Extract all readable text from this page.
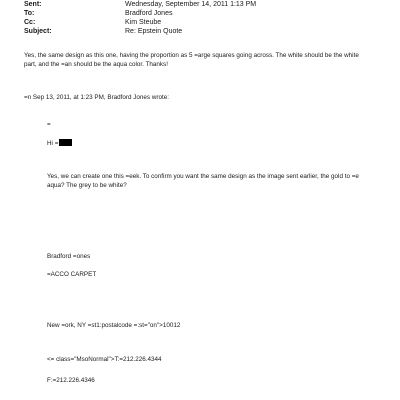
Sent:	Wednesday, September 14, 2011 1:13 PM
To:	Bradford Jones
Cc:	Kim Steube
Subject:	Re: Epstein Quote
Yes, the same design as this one, having the proportion as 5 =arge squares going across. The white should be the white
part, and the =an should be the aqua color. Thanks!
=n Sep 13, 2011, at 1:23 PM, Bradford Jones wrote:
=
Hi =
Yes, we can create one this =eek. To confirm you want the same design as the image sent earlier, the gold to =e
aqua? The grey to be white?
Bradford =ones
=ACCO CARPET
New =ork, NY =st1:postalcode =:st="on">10012
<= class="MsoNormal">T:=212.226.4344
F:=212.226.4346
